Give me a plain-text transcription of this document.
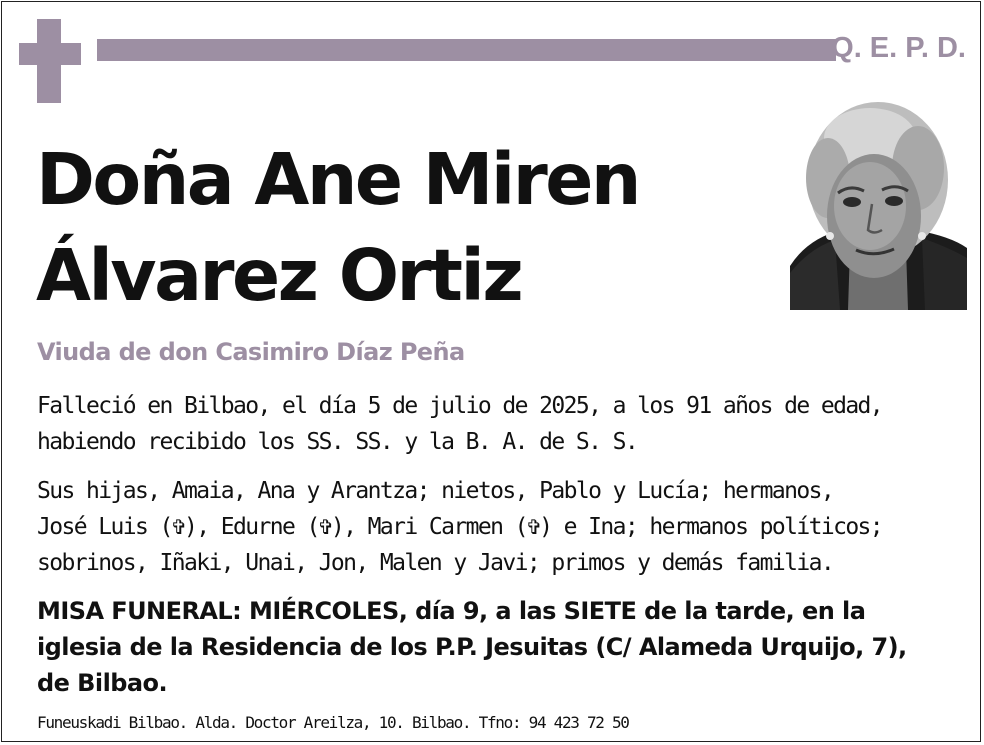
Q. E. P. D.
Doña Ane Miren
Álvarez Ortiz
Viuda de don Casimiro Díaz Peña
Falleció en Bilbao, el día 5 de julio de 2025, a los 91 años de edad,
habiendo recibido los SS. SS. y la B. A. de S. S.
Sus hijas, Amaia, Ana y Arantza; nietos, Pablo y Lucía; hermanos,
José Luis (✞), Edurne (✞), Mari Carmen (✞) e Ina; hermanos políticos;
sobrinos, Iñaki, Unai, Jon, Malen y Javi; primos y demás familia.
MISA FUNERAL: MIÉRCOLES, día 9, a las SIETE de la tarde, en la
iglesia de la Residencia de los P.P. Jesuitas (C/ Alameda Urquijo, 7),
de Bilbao.
Funeuskadi Bilbao. Alda. Doctor Areilza, 10. Bilbao. Tfno: 94 423 72 50
